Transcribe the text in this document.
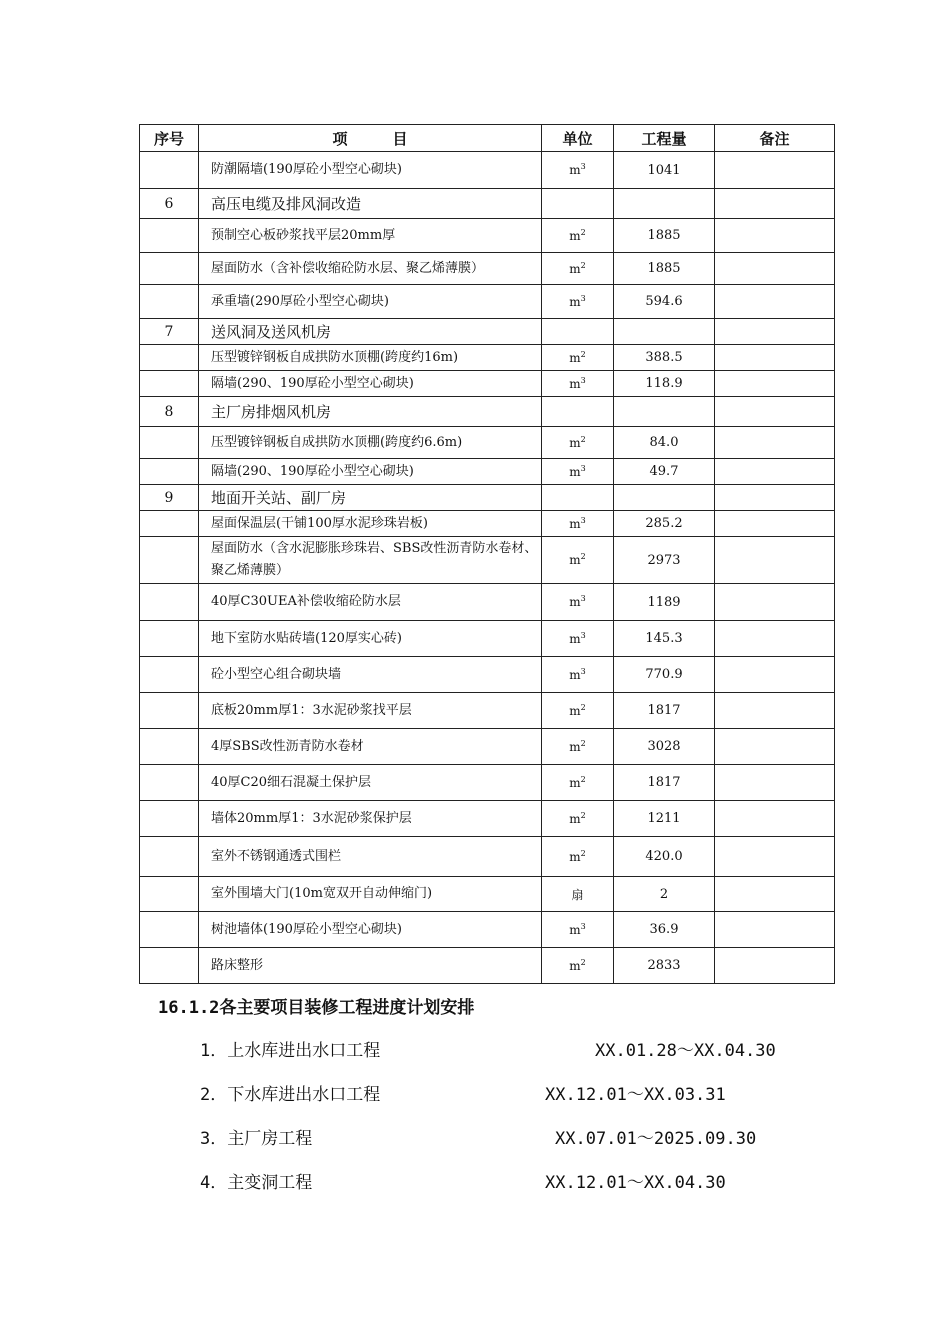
序号	项　　　目	单位	工程量	备注
	防潮隔墙(190厚砼小型空心砌块)	$m^3$	1041	
6	高压电缆及排风洞改造			
	预制空心板砂浆找平层20mm厚	$m^2$	1885	
	屋面防水（含补偿收缩砼防水层、聚乙烯薄膜）	$m^2$	1885	
	承重墙(290厚砼小型空心砌块)	$m^3$	594.6	
7	送风洞及送风机房			
	压型镀锌钢板自成拱防水顶棚(跨度约16m)	$m^2$	388.5	
	隔墙(290、190厚砼小型空心砌块)	$m^3$	118.9	
8	主厂房排烟风机房			
	压型镀锌钢板自成拱防水顶棚(跨度约6.6m)	$m^2$	84.0	
	隔墙(290、190厚砼小型空心砌块)	$m^3$	49.7	
9	地面开关站、副厂房			
	屋面保温层(干铺100厚水泥珍珠岩板)	$m^3$	285.2	
	屋面防水（含水泥膨胀珍珠岩、SBS改性沥青防水卷材、聚乙烯薄膜）	$m^2$	2973	
	40厚C30UEA补偿收缩砼防水层	$m^3$	1189	
	地下室防水贴砖墙(120厚实心砖)	$m^3$	145.3	
	砼小型空心组合砌块墙	$m^3$	770.9	
	底板20mm厚1：3水泥砂浆找平层	$m^2$	1817	
	4厚SBS改性沥青防水卷材	$m^2$	3028	
	40厚C20细石混凝土保护层	$m^2$	1817	
	墙体20mm厚1：3水泥砂浆保护层	$m^2$	1211	
	室外不锈钢通透式围栏	$m^2$	420.0	
	室外围墙大门(10m宽双开自动伸缩门)	扇	2	
	树池墙体(190厚砼小型空心砌块)	$m^3$	36.9	
	路床整形	$m^2$	2833	
16.1.2各主要项目装修工程进度计划安排
1．上水库进出水口工程	XX.01.28～XX.04.30
2．下水库进出水口工程	XX.12.01～XX.03.31
3．主厂房工程	XX.07.01～2025.09.30
4．主变洞工程	XX.12.01～XX.04.30
